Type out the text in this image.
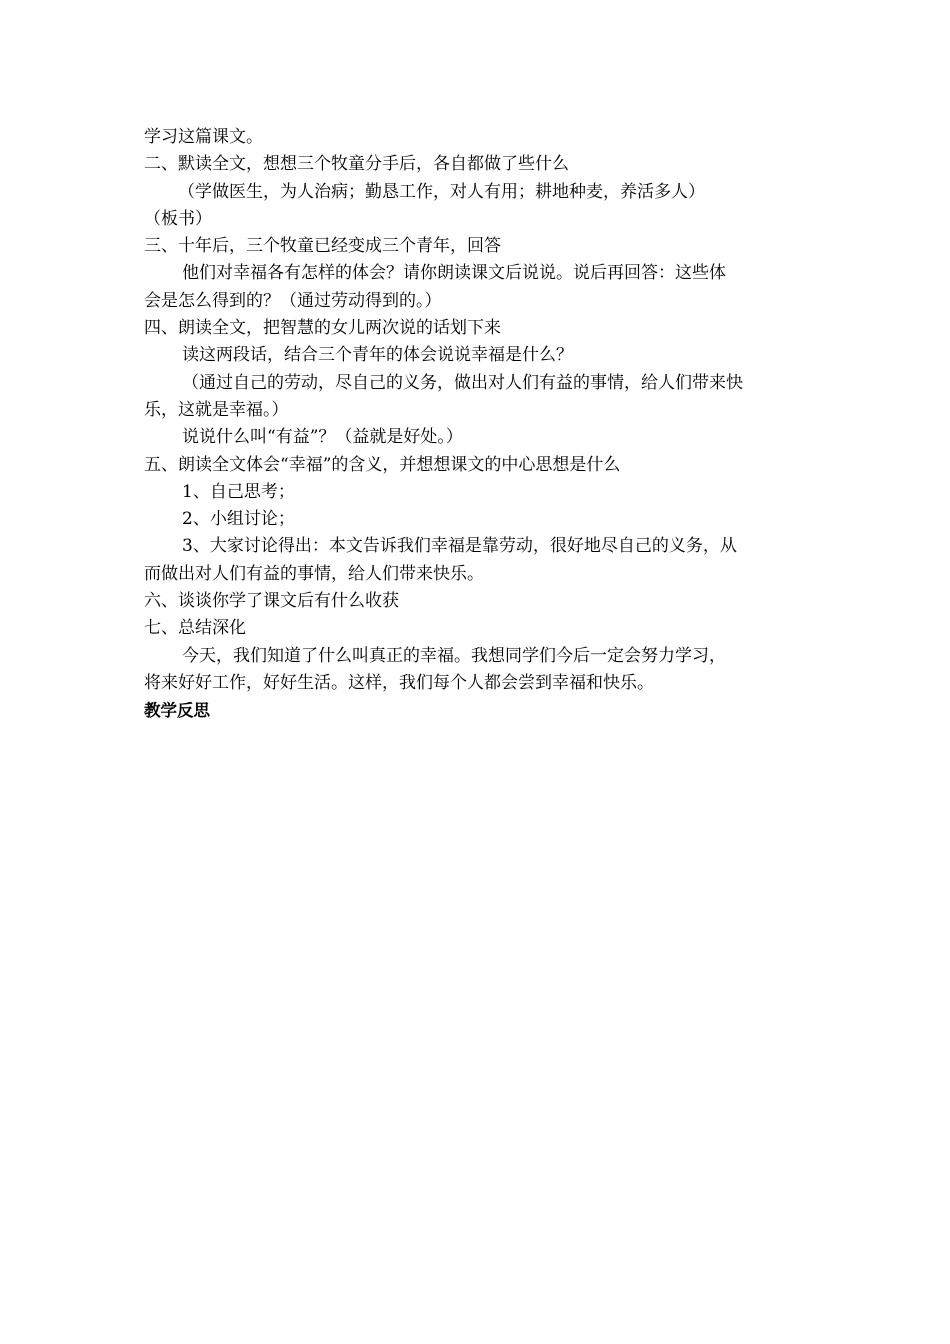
学习这篇课文。
二、默读全文，想想三个牧童分手后，各自都做了些什么
（学做医生，为人治病；勤恳工作，对人有用；耕地种麦，养活多人）
（板书）
三、十年后，三个牧童已经变成三个青年，回答
他们对幸福各有怎样的体会？请你朗读课文后说说。说后再回答：这些体
会是怎么得到的？（通过劳动得到的。）
四、朗读全文，把智慧的女儿两次说的话划下来
读这两段话，结合三个青年的体会说说幸福是什么？
（通过自己的劳动，尽自己的义务，做出对人们有益的事情，给人们带来快
乐，这就是幸福。）
说说什么叫“有益”？（益就是好处。）
五、朗读全文体会“幸福”的含义，并想想课文的中心思想是什么
1、自己思考；
2、小组讨论；
3、大家讨论得出：本文告诉我们幸福是靠劳动，很好地尽自己的义务，从
而做出对人们有益的事情，给人们带来快乐。
六、谈谈你学了课文后有什么收获
七、总结深化
今天，我们知道了什么叫真正的幸福。我想同学们今后一定会努力学习，
将来好好工作，好好生活。这样，我们每个人都会尝到幸福和快乐。
教学反思
